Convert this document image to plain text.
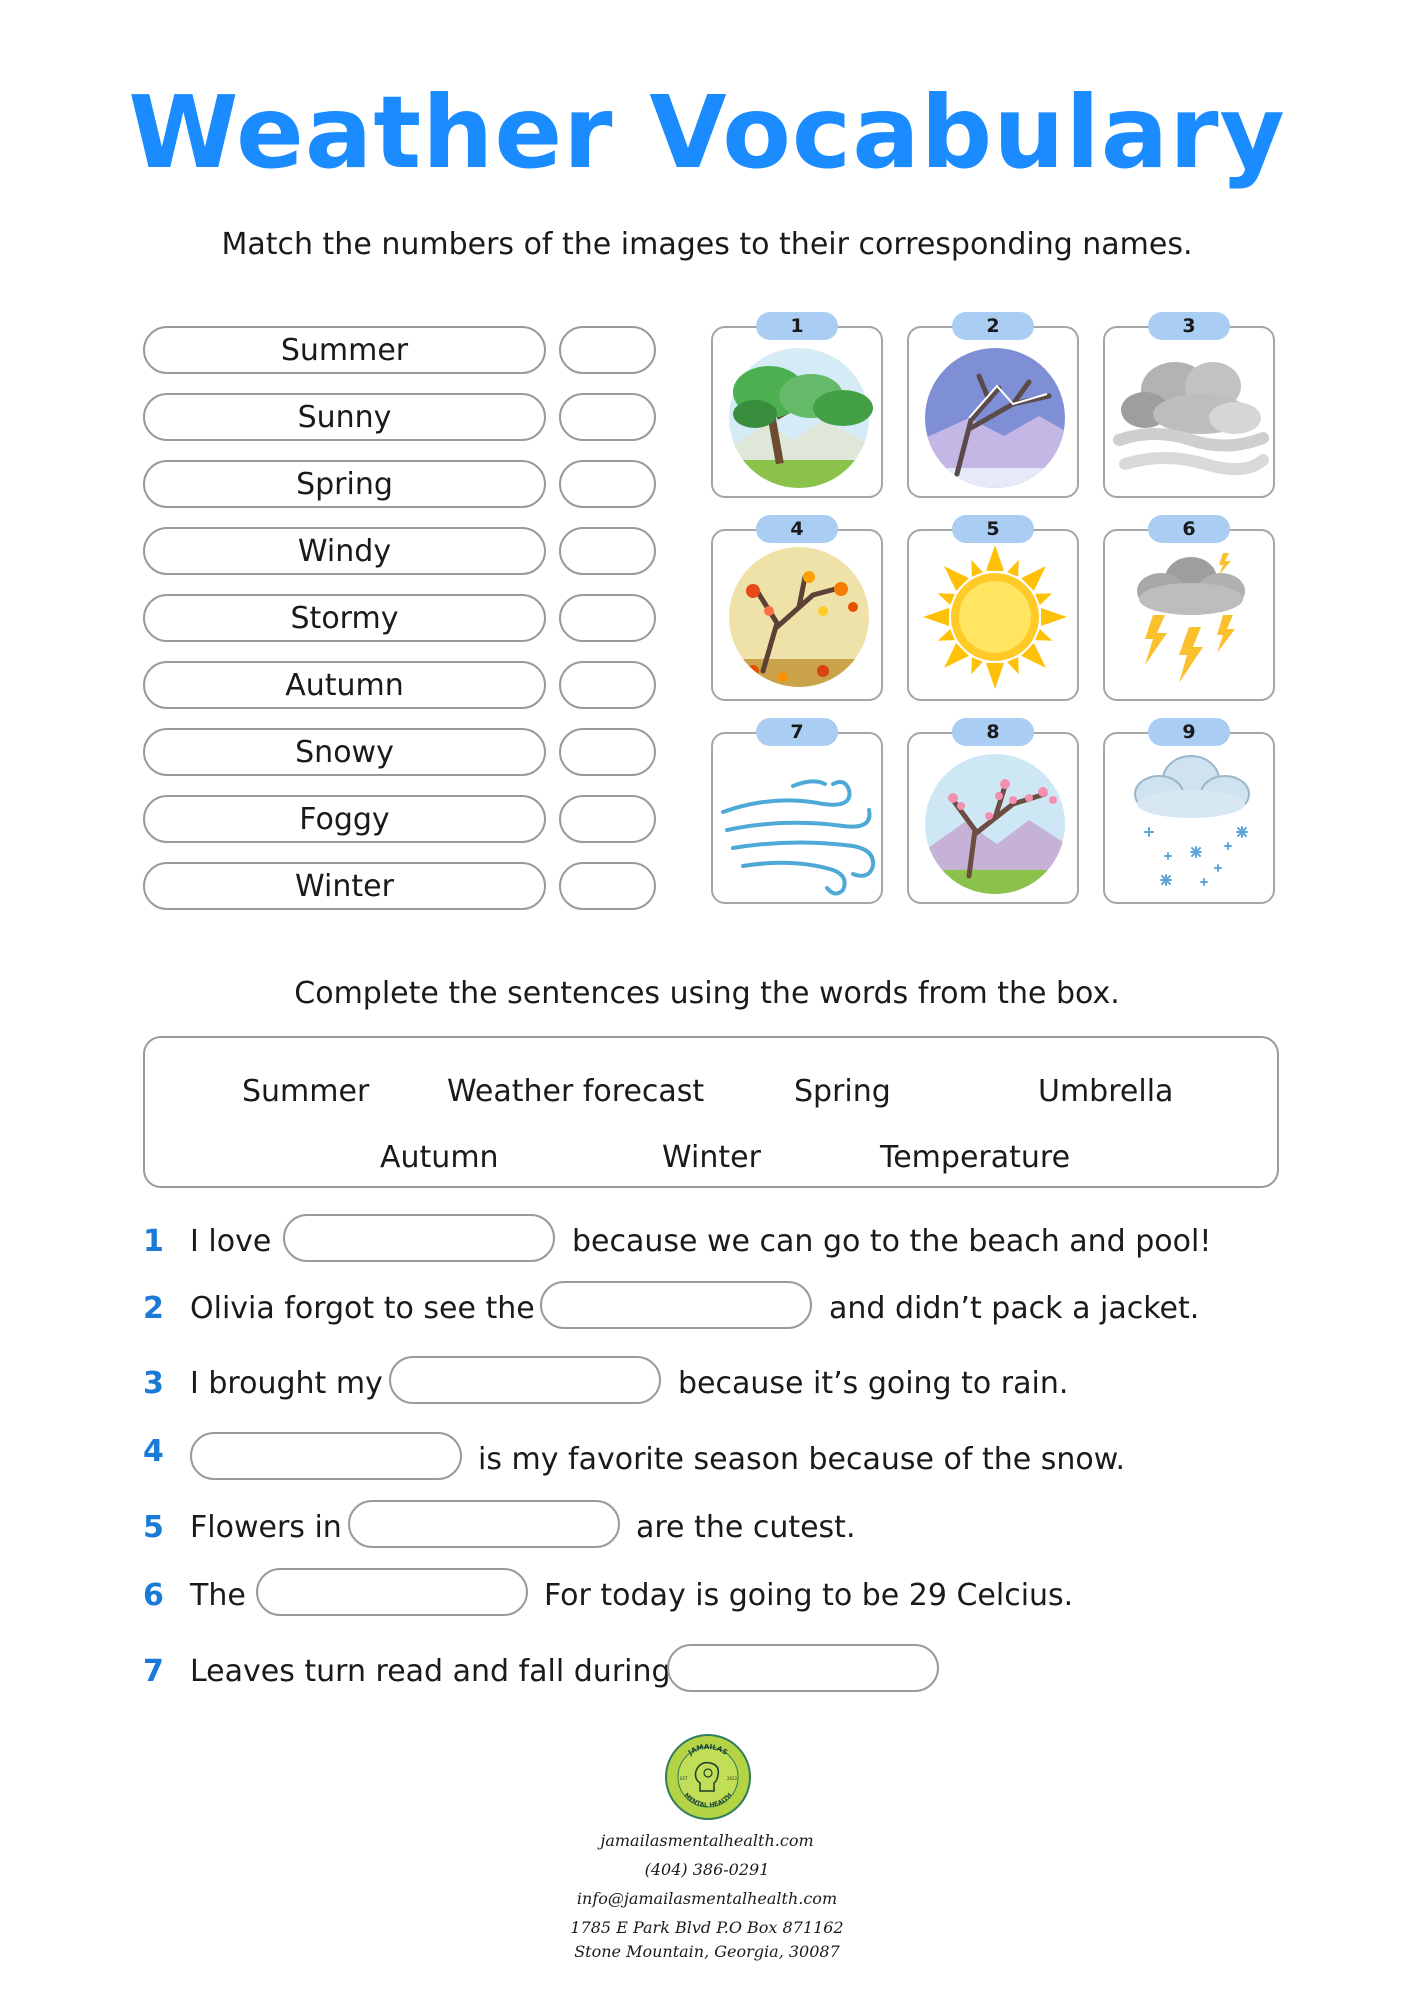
Weather Vocabulary
Match the numbers of the images to their corresponding names.
Summer
Sunny
Spring
Windy
Stormy
Autumn
Snowy
Foggy
Winter
1	2	3
4	5	6
7	8	9
Complete the sentences using the words from the box.
Summer	Weather forecast	Spring	Umbrella
Autumn	Winter	Temperature
1 I love	because we can go to the beach and pool!
2 Olivia forgot to see the	and didn’t pack a jacket.
3 I brought my	because it’s going to rain.
4	is my favorite season because of the snow.
5 Flowers in	are the cutest.
6 The	For today is going to be 29 Celcius.
7 Leaves turn read and fall during
JAMAILAS
MENTAL HEALTH
EST	2022
jamailasmentalhealth.com
(404) 386-0291
info@jamailasmentalhealth.com
1785 E Park Blvd P.O Box 871162
Stone Mountain, Georgia, 30087
